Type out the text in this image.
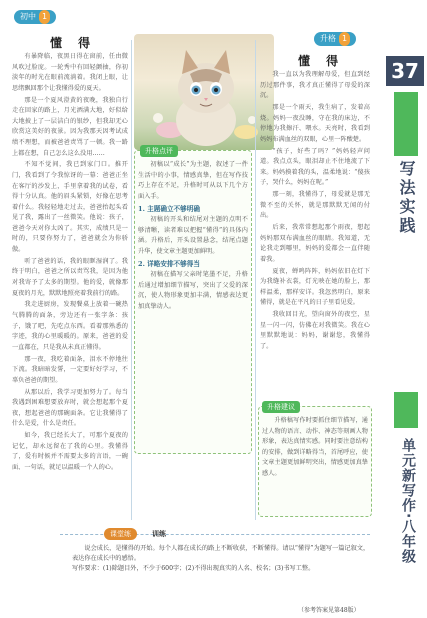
初中 1
升格 1
37
写法实践
单元新写作·八年级
懂 得

有暴降临，夜黑日得在窗前，任由微风吹过脸庞。一轮秀中有回轻颤抽，你初淡年的时光在眼前流淌着。我闭上眼，让思绪飘回那个让我懂得爱的夏天。

那是一个夏风澄黄的夜晚，我独自行走在回家的路上，月光洒满大地，好似给大地披上了一层洁白的银纱，但我却无心欣赏这美好的夜景。因为我那天因考试成绩不理想，而被爸爸责骂了一顿。我一路上都在想，自己怎么这么没用……

不知不觉间，我已到家门口。推开门，我看到了令我惊讶的一幕：爸爸正坐在客厅的沙发上，手里拿着我的试卷，看得十分认真。他的眉头紧锁，好像在思考着什么。我轻轻地走过去，爸爸抬起头看见了我，露出了一丝微笑。他说：孩子，爸爸今天对你太凶了。其实，成绩只是一时的，只要你努力了，爸爸就会为你骄傲。

听了爸爸的话，我的眼眶湿润了。我终于明白，爸爸之所以责骂我，是因为他对我寄予了太多的期望。他的爱，就像那夏夜的月光，默默地照亮着我前行的路。

我走进厨房，发现餐桌上放着一碗热气腾腾的面条，旁边还有一张字条：孩子，饿了吧，先吃点东西。看着那熟悉的字迹，我的心里暖暖的。原来，爸爸的爱一直都在，只是我从未真正懂得。

那一夜，我吃着面条，泪水不停地往下流。我暗暗发誓，一定要好好学习，不辜负爸爸的期望。

从那以后，我学习更加努力了。每当我遇到困难想要放弃时，就会想起那个夏夜，想起爸爸的那碗面条。它让我懂得了什么是爱，什么是责任。

如今，我已经长大了，可那个夏夜的记忆，却永远留在了我的心里。我懂得了，爱有时候并不需要太多的言语，一碗面、一句话，就足以温暖一个人的心。

升格点评

初稿以“成长”为主题，叙述了一件生活中的小事，情感真挚，但在写作技巧上存在不足，升格时可从以下几个方面入手。

1. 主题确立不够明确

初稿的开头和结尾对主题的点明不够清晰，读者难以把握“懂得”的具体内涵。升格后，开头设置悬念，结尾点题升华，使文章主题更加鲜明。

2. 详略安排不够得当

初稿在描写父亲时笔墨不足，升格后通过增加细节描写，突出了父爱的深沉，使人物形象更加丰满，情感表达更加真挚动人。

懂 得

我一直以为我理解母爱，但直到经历过那件事，我才真正懂得了母爱的深沉。

那是一个雨天，我生病了，发着高烧。妈妈一夜没睡，守在我的床边，不停地为我擦汗、喂水。天亮时，我看到妈妈布满血丝的双眼，心里一阵酸楚。

“孩子，好些了吗？”妈妈轻声问道。我点点头，眼泪却止不住地流了下来。妈妈摸着我的头，温柔地说：“傻孩子，哭什么，妈妈在呢。”

那一刻，我懂得了，母爱就是那无微不至的关怀，就是那默默无闻的付出。

后来，我常常想起那个雨夜，想起妈妈那双布满血丝的眼睛。我知道，无论我走到哪里，妈妈的爱都会一直伴随着我。

夏夜，蝉鸣阵阵，妈妈依旧在灯下为我缝补衣裳，灯光映在她的脸上，那样温柔，那样安详。我忽然明白，原来懂得，就是在平凡的日子里看见爱。

我收回目光，望向窗外的夜空，星星一闪一闪，仿佛在对我微笑。我在心里默默地说：妈妈，谢谢您，我懂得了。

升格建议

升格稿写作时要抓住细节描写，通过人物的语言、动作、神态等刻画人物形象，表达真情实感。同时要注意结构的安排，做到详略得当，首尾呼应，使文章主题更加鲜明突出，情感更加真挚感人。

课堂练	训练

说会成长，是懂得的开始。每个人都在成长的路上不断收获，不断懂得。请以“懂得”为题写一篇记叙文，表达你在成长中的感悟。

写作要求：(1)除题目外，不少于600字；(2)不得出现真实的人名、校名；(3)书写工整。
（参考答案见第48版）
